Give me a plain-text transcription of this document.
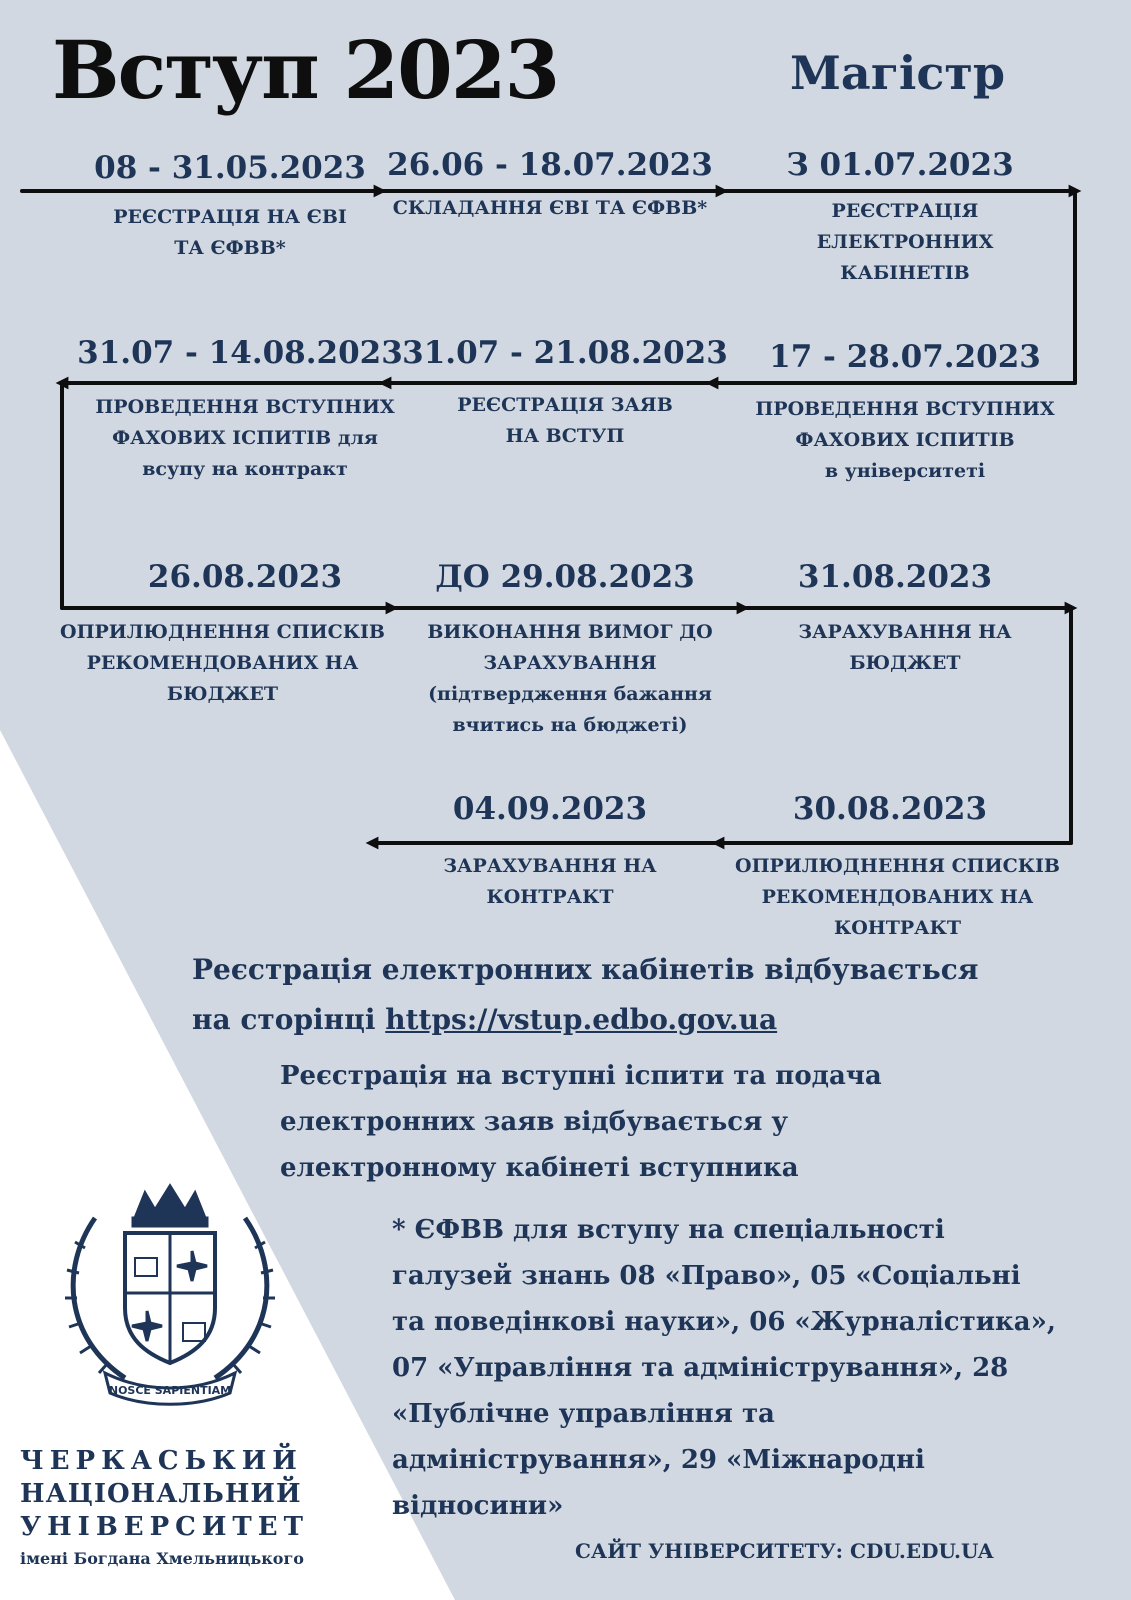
Вступ 2023	Магістр
08 - 31.05.2023
РЕЄСТРАЦІЯ НА ЄВІ
ТА ЄФВВ*
26.06 - 18.07.2023
СКЛАДАННЯ ЄВІ ТА ЄФВВ*
З 01.07.2023
РЕЄСТРАЦІЯ
ЕЛЕКТРОННИХ
КАБІНЕТІВ
17 - 28.07.2023
ПРОВЕДЕННЯ ВСТУПНИХ
ФАХОВИХ ІСПИТІВ
в університеті
31.07 - 21.08.2023
РЕЄСТРАЦІЯ ЗАЯВ
НА ВСТУП
31.07 - 14.08.2023
ПРОВЕДЕННЯ ВСТУПНИХ
ФАХОВИХ ІСПИТІВ для
всупу на контракт
26.08.2023
ОПРИЛЮДНЕННЯ СПИСКІВ
РЕКОМЕНДОВАНИХ НА
БЮДЖЕТ
ДО 29.08.2023
ВИКОНАННЯ ВИМОГ ДО
ЗАРАХУВАННЯ
(підтвердження бажання
вчитись на бюджеті)
31.08.2023
ЗАРАХУВАННЯ НА
БЮДЖЕТ
30.08.2023
ОПРИЛЮДНЕННЯ СПИСКІВ
РЕКОМЕНДОВАНИХ НА
КОНТРАКТ
04.09.2023
ЗАРАХУВАННЯ НА
КОНТРАКТ
Реєстрація електронних кабінетів відбувається
на сторінці https://vstup.edbo.gov.ua
Реєстрація на вступні іспити та подача
електронних заяв відбувається у
електронному кабінеті вступника
* ЄФВВ для вступу на спеціальності
галузей знань 08 «Право», 05 «Соціальні
та поведінкові науки», 06 «Журналістика»,
07 «Управління та адміністрування», 28
«Публічне управління та
адміністрування», 29 «Міжнародні
відносини»
NOSCE SAPIENTIAM
ЧЕРКАСЬКИЙ
НАЦІОНАЛЬНИЙ
УНІВЕРСИТЕТ
імені Богдана Хмельницького	САЙТ УНІВЕРСИТЕТУ: CDU.EDU.UA
